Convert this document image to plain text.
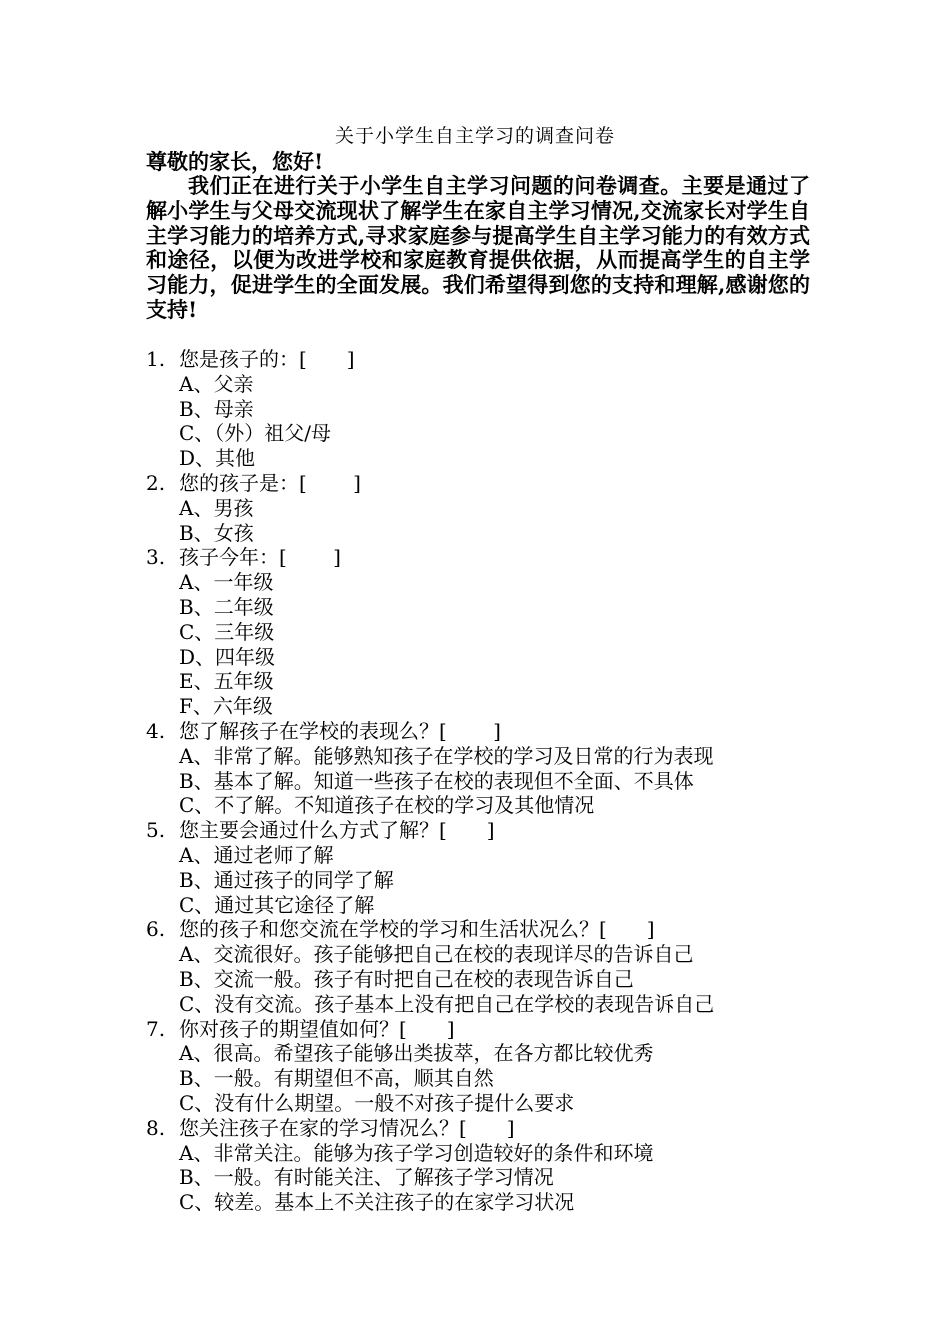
关于小学生自主学习的调查问卷
尊敬的家长，您好!

我们正在进行关于小学生自主学习问题的问卷调查。主要是通过了解小学生与父母交流现状了解学生在家自主学习情况,交流家长对学生自主学习能力的培养方式,寻求家庭参与提高学生自主学习能力的有效方式和途径，以便为改进学校和家庭教育提供依据，从而提高学生的自主学习能力，促进学生的全面发展。我们希望得到您的支持和理解,感谢您的支持!

1. 您是孩子的：[　　]
A、父亲
B、母亲
C、（外）祖父/母
D、其他
2. 您的孩子是：[　　 ]
A、男孩
B、女孩
3. 孩子今年：[　　 ]
A、一年级
B、二年级
C、三年级
D、四年级
E、五年级
F、六年级
4. 您了解孩子在学校的表现么？[　　 ]
A、非常了解。能够熟知孩子在学校的学习及日常的行为表现
B、基本了解。知道一些孩子在校的表现但不全面、不具体
C、不了解。不知道孩子在校的学习及其他情况
5. 您主要会通过什么方式了解？[　　]
A、通过老师了解
B、通过孩子的同学了解
C、通过其它途径了解
6. 您的孩子和您交流在学校的学习和生活状况么？[　　]
A、交流很好。孩子能够把自己在校的表现详尽的告诉自己
B、交流一般。孩子有时把自己在校的表现告诉自己
C、没有交流。孩子基本上没有把自己在学校的表现告诉自己
7. 你对孩子的期望值如何？[　　]
A、很高。希望孩子能够出类拔萃，在各方都比较优秀
B、一般。有期望但不高，顺其自然
C、没有什么期望。一般不对孩子提什么要求
8. 您关注孩子在家的学习情况么？[　　]
A、非常关注。能够为孩子学习创造较好的条件和环境
B、一般。有时能关注、了解孩子学习情况
C、较差。基本上不关注孩子的在家学习状况
